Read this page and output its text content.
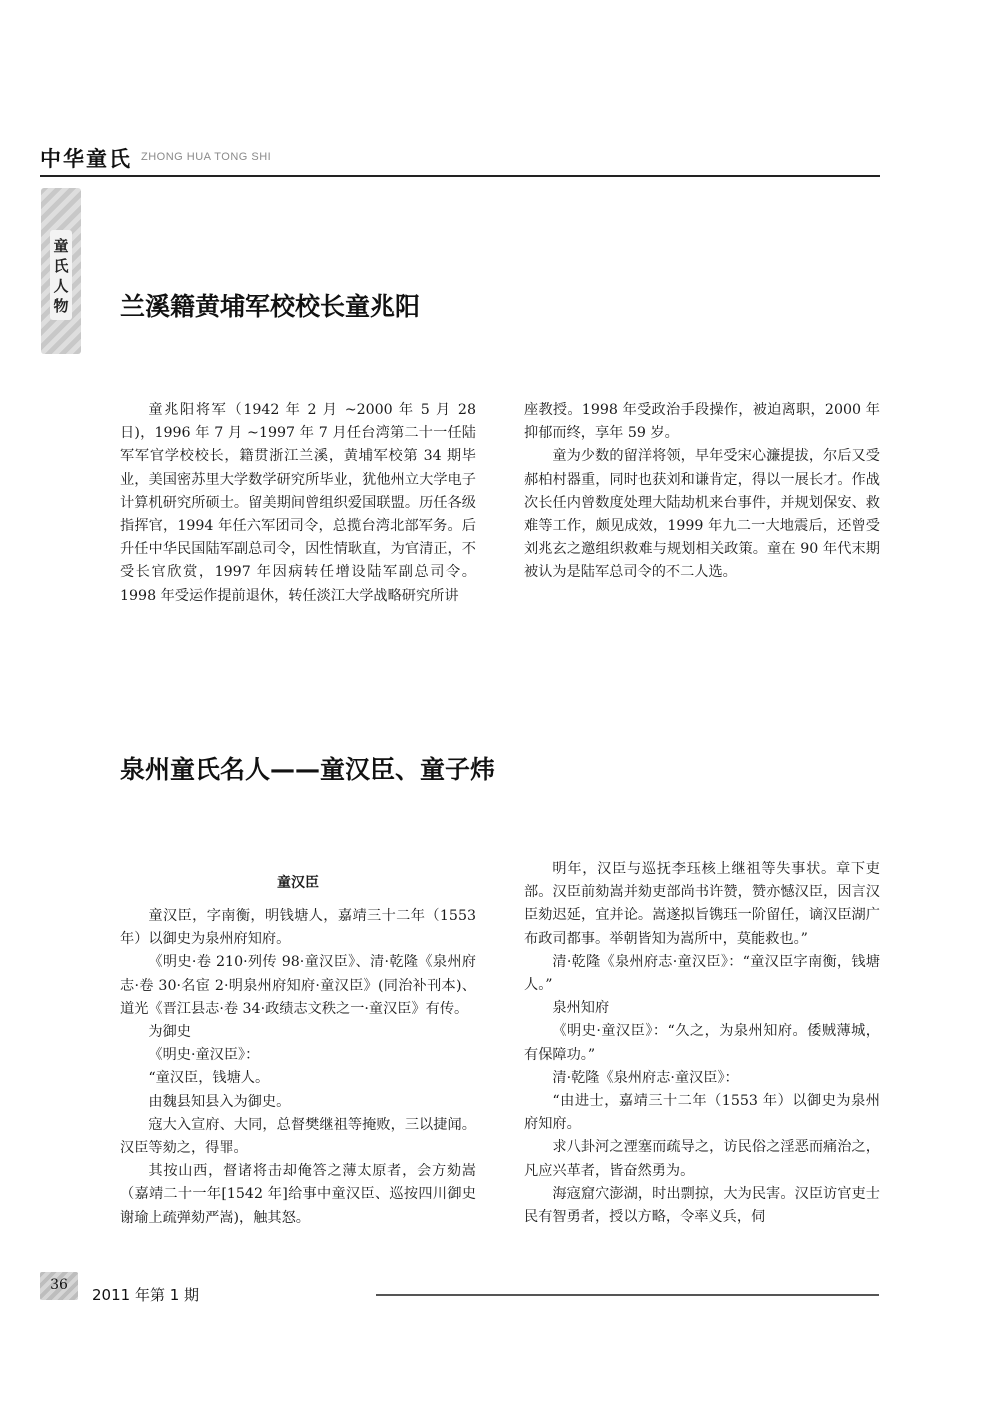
中华童氏 ZHONG HUA TONG SHI
童
氏
人
物 兰溪籍黄埔军校校长童兆阳

童兆阳将军（1942 年 2 月 ~2000 年 5 月 28 日)，1996 年 7 月 ~1997 年 7 月任台湾第二十一任陆军军官学校校长，籍贯浙江兰溪，黄埔军校第 34 期毕业，美国密苏里大学数学研究所毕业，犹他州立大学电子计算机研究所硕士。留美期间曾组织爱国联盟。历任各级指挥官，1994 年任六军团司令，总揽台湾北部军务。后升任中华民国陆军副总司令，因性情耿直，为官清正，不受长官欣赏，1997 年因病转任增设陆军副总司令。1998 年受运作提前退休，转任淡江大学战略研究所讲

座教授。1998 年受政治手段操作，被迫离职，2000 年抑郁而终，享年 59 岁。

童为少数的留洋将领，早年受宋心濂提拔，尔后又受郝柏村器重，同时也获刘和谦肯定，得以一展长才。作战次长任内曾数度处理大陆劫机来台事件，并规划保安、救难等工作，颇见成效，1999 年九二一大地震后，还曾受刘兆玄之邀组织救难与规划相关政策。童在 90 年代末期被认为是陆军总司令的不二人选。

泉州童氏名人——童汉臣、童子炜
童汉臣

童汉臣，字南衡，明钱塘人，嘉靖三十二年（1553 年）以御史为泉州府知府。

《明史·卷 210·列传 98·童汉臣》、清·乾隆《泉州府志·卷 30·名宦 2·明泉州府知府·童汉臣》(同治补刊本)、道光《晋江县志·卷 34·政绩志文秩之一·童汉臣》有传。

为御史

《明史·童汉臣》：

“童汉臣，钱塘人。

由魏县知县入为御史。

寇大入宣府、大同，总督樊继祖等掩败，三以捷闻。汉臣等劾之，得罪。

其按山西，督诸将击却俺答之薄太原者，会方劾嵩（嘉靖二十一年[1542 年]给事中童汉臣、巡按四川御史谢瑜上疏弹劾严嵩)，触其怒。

明年，汉臣与巡抚李珏核上继祖等失事状。章下吏部。汉臣前劾嵩并劾吏部尚书许赞，赞亦憾汉臣，因言汉臣劾迟延，宜并论。嵩遂拟旨镌珏一阶留任，谪汉臣湖广布政司都事。举朝皆知为嵩所中，莫能救也。”

清·乾隆《泉州府志·童汉臣》：“童汉臣字南衡，钱塘人。”

泉州知府

《明史·童汉臣》：“久之，为泉州知府。倭贼薄城，有保障功。”

清·乾隆《泉州府志·童汉臣》：

“由进士，嘉靖三十二年（1553 年）以御史为泉州府知府。

求八卦河之湮塞而疏导之，访民俗之淫恶而痛治之，凡应兴革者，皆奋然勇为。

海寇窟穴澎湖，时出剽掠，大为民害。汉臣访官吏士民有智勇者，授以方略，令率义兵，伺

36
2011 年第 1 期
